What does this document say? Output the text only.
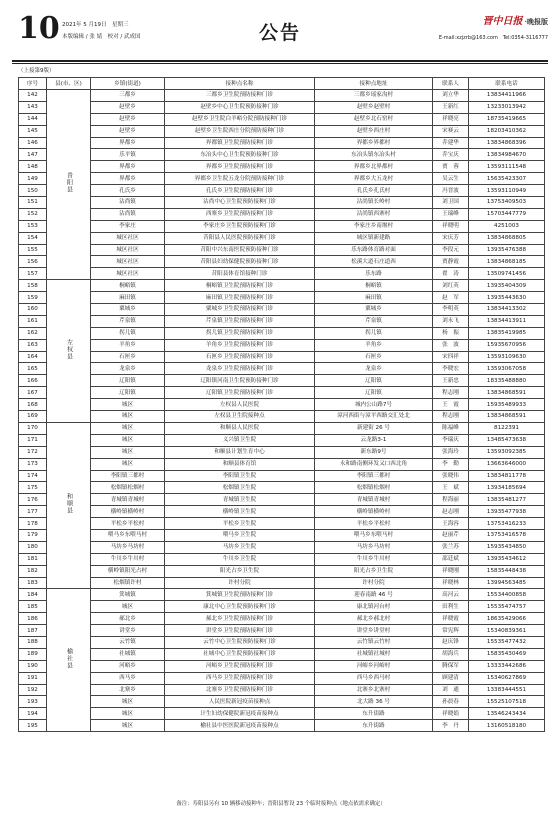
10 2021年 5 月19日　星期三
本版编辑 / 张 婧　校对 / 武成国	公告
晋中日报 ·晚报版
E-mail:xzjzrb@163.com　Tel:0354-3116777
（上接第9版）
序号	县(市、区)	乡镇(街道)	接种点名称	接种点地址	联系人	联系电话
142	昔阳县	三都乡	三都乡卫生院预防接种门诊	三都乡瑶家沟村	刘立华	13834411966
143		赵壁乡	赵壁乡中心卫生院预防接种门诊	赵壁乡赵壁村	王新红	13233013942
144		赵壁乡	赵壁乡卫生院白羊峪分院预防接种门诊	赵壁乡北石窑村	祥晓亮	18735419665
145		赵壁乡	赵壁乡卫生院西庄分院预防接种门诊	赵壁乡西庄村	宋赛云	18203410362
146		界都乡	界都镇卫生院预防接种门诊	界都乡界都村	乔建华	13834868396
147		乐平镇	东冶头中心卫生院预防接种门诊	东冶头镇东冶头村	乔宝庆	13834984670
148		界都乡	界都乡卫生院预防接种门诊	界都乡北界都村	贾　蓉	13593111548
149		界都乡	界都乡卫生院五龙分院预防接种门诊	界都乡大五龙村	吴云生	15635423307
150		孔氏乡	孔氏乡卫生院预防接种门诊	孔氏乡孔氏村	冯晋波	13593110949
151		沾尚镇	沾尚中心卫生院预防接种门诊	沾尚镇长岭村	刘卫国	13753409503
152		沾尚镇	西寨乡卫生院预防接种门诊	沾尚镇西寨村	王瑞峰	15703447779
153		李家庄	李家庄乡卫生院预防接种门诊	李家庄乡南堰村	祥晓明	4251003
154		城区社区	昔阳县人民医院预防接种门诊	城区镇新建路	宋庆芳	13834868805
155		城区社区	昔阳中兴东南医院预防接种门诊	乐东路体育路对面	李段元	13935476388
156		城区社区	昔阳县妇幼保健院预防接种门诊	松溪大道石庄道西	贾静霞	13834868185
157		城区社区	昔阳县体育馆接种门诊	乐东路	翟　涛	13509741456
158	左权县	桐峪镇	桐峪镇卫生院预防接种门诊	桐峪镇	刘红英	13935404309
159		麻田镇	麻田镇卫生院预防接种门诊	麻田镇	赵　军	13935443630
160		粟城乡	粟城乡卫生院预防接种门诊	粟城乡	李明英	13834413302
161		芹泉镇	芹泉镇卫生院预防接种门诊	芹泉镇	刘永飞	13834413911
162		拐儿镇	拐儿镇卫生院预防接种门诊	拐儿镇	杨　振	13835419985
163		羊角乡	羊角乡卫生院预防接种门诊	羊角乡	张　波	15935670956
164		石匣乡	石匣乡卫生院预防接种门诊	石匣乡	宋四祥	13593109630
165		龙泉乡	龙泉乡卫生院预防接种门诊	龙泉乡	李晓宏	13593067058
166		辽阳镇	辽阳镇河南卫生院预防接种门诊	辽阳镇	王新忠	18335488880
167		辽阳镇	辽阳镇卫生院预防接种门诊	辽阳镇	程志刚	13834868591
168		城区	左权县人民医院	城内公山路7号	王　霞	15935489933
169		城区	左权县卫生院接种点	漳河西街与漳平西路交汇处北	程志刚	13834868591
170	和顺县	城区	和顺县人民医院	新建街 26 号	陈福峰	8122391
171		城区	义兴镇卫生院	云龙路3-1	李瑞庆	13485473638
172		城区	和顺县计划生育中心	新东路9号	张海玲	13593092385
173		城区	和顺县体育馆	永和路南侧环发又口西北角	李　勤	13663646000
174		李阳镇三都村	李阳镇卫生院	李阳镇三都村	张晓伟	13834811778
175		松烟镇松烟村	松烟镇卫生院	松烟镇松烟村	王　斌	13934185694
176		青城镇青城村	青城镇卫生院	青城镇青城村	程海丽	13835481277
177		横岭镇横岭村	横岭镇卫生院	横岭镇横岭村	赵志刚	13935477938
178		平松乡平松村	平松乡卫生院	平松乡平松村	王海容	13753416233
179		喂马乡东喂马村	喂马乡卫生院	喂马乡东喂马村	赵丽芹	13753416578
180		马坊乡马坊村	马坊乡卫生院	马坊乡马坊村	张兰苏	15935434850
181		牛川乡牛川村	牛川乡卫生院	牛川乡牛川村	邵廷斌	13935434612
182		横岭镇阳光占村	阳光占乡卫生院	阳光占乡卫生院	祥晓刚	15835448438
183		松烟镇许村	许村分院	许村分院	祥晓林	13994563485
184	榆社县	箕城镇	箕城镇卫生院预防接种门诊	迎春南路 46 号	高河云	15534400858
185		城区	康北中心卫生院预防接种门诊	康北镇河台村	田利生	15535474757
186		郝北乡	郝北乡卫生院预防接种门诊	郝北乡郝北村	祥晓霞	18635429066
187		讲堂乡	讲堂乡卫生院预防接种门诊	讲堂乡讲堂村	常宪辉	15340839361
188		云竹镇	云竹中心卫生院预防接种门诊	云竹镇云竹村	赵庆锋	15535477432
189		社城镇	社城中心卫生院预防接种门诊	社城镇社城村	胡海兵	15835430469
190		河峪乡	河峪乡卫生院预防接种门诊	河峪乡河峪村	腾保军	13333442686
191		西马乡	西马乡卫生院预防接种门诊	西马乡西马村	顾建清	15340627869
192		北寨乡	北寨乡卫生院预防接种门诊	北寨乡北寨村	刘　通	13383444551
193		城区	人民医院新冠疫苗接种点	北大路 36 号	孙晨春	15525107518
194		城区	计生妇幼保健院新冠疫苗接种点	东升街路	祥晓娟	13546243434
195		城区	榆社县中医医院新冠疫苗接种点	东升街路	李　丹	13160518180
备注：寿阳县另有 10 辆移动接种车；晋阳县暂设 23 个临时接种点（地点依需求确定）
